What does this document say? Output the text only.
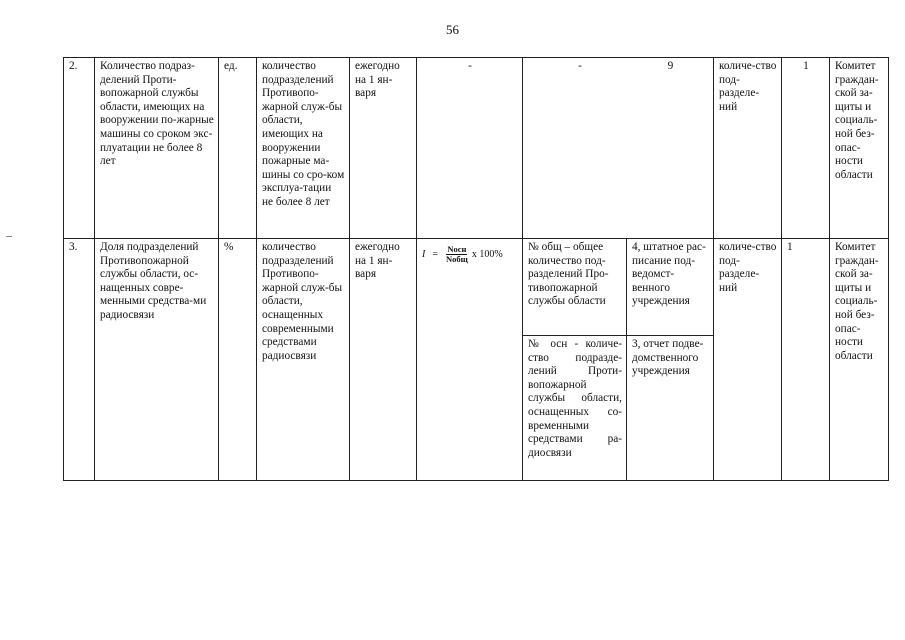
56
2.	Количество подраз-делений Проти-вопожарной службы области, имеющих на вооружении по-жарные машины со сроком экс-плуатации не более 8 лет	ед.	количество подразделений Противопо-жарной служ-бы области, имеющих на вооружении пожарные ма-шины со сро-ком эксплуа-тации не более 8 лет	ежегодно на 1 ян-варя	-	- 9		количе-ство под-разделе-ний	1	Комитет граждан-ской за-щиты и социаль-ной без-опас-ности области
3.	Доля подразделений Противопожарной службы области, ос-нащенных совре-менными средства-ми радиосвязи	%	количество подразделений Противопо-жарной служ-бы области, оснащенных современными средствами радиосвязи	ежегодно на 1 ян-варя	$I = \frac{\text{Nосн}}{\text{Nобщ}}$ x 100%	№ общ – общее количество под-разделений Про-тивопожарной службы области	4, штатное рас-писание под-ведомст-венного учреждения	количе-ство под-разделе-ний	1	Комитет граждан-ской за-щиты и социаль-ной без-опас-ности области
						№ осн - количе-ство подразде-лений Проти-вопожарной службы области, оснащенных со-временными средствами ра-диосвязи	3, отчет подве-домственного учреждения			
